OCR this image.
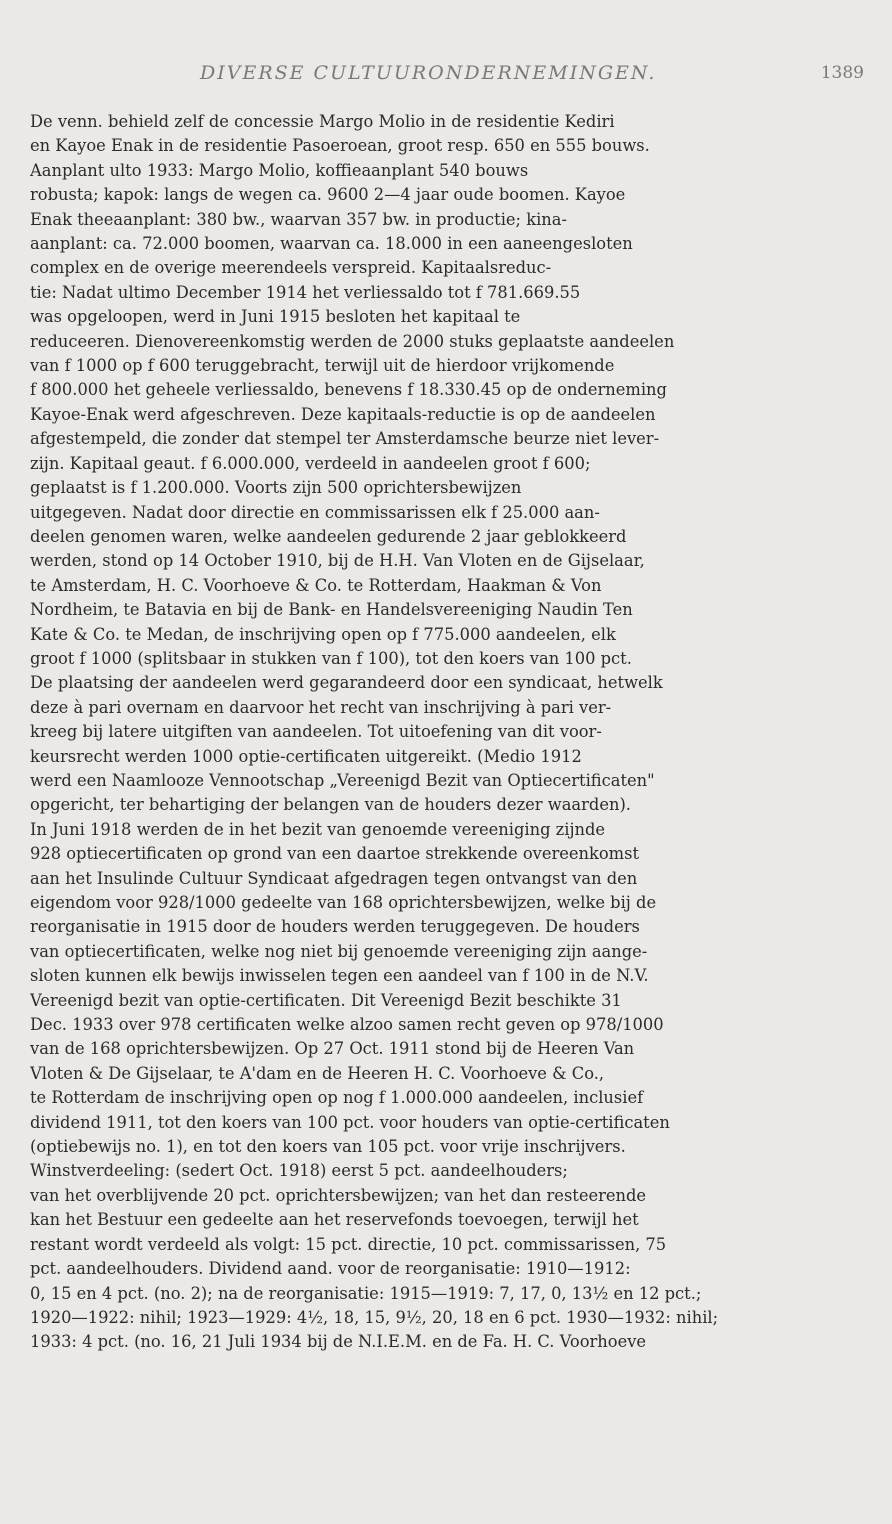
DIVERSE CULTUURONDERNEMINGEN.	1389
De venn. behield zelf de concessie Margo Molio in de residentie Kediri
en Kayoe Enak in de residentie Pasoeroean, groot resp. 650 en 555 bouws.
Aanplant ulto 1933: Margo Molio, koffieaanplant 540 bouws
robusta; kapok: langs de wegen ca. 9600 2—4 jaar oude boomen. Kayoe
Enak theeaanplant: 380 bw., waarvan 357 bw. in productie; kina-
aanplant: ca. 72.000 boomen, waarvan ca. 18.000 in een aaneengesloten
complex en de overige meerendeels verspreid. Kapitaalsreduc-
tie: Nadat ultimo December 1914 het verliessaldo tot f 781.669.55
was opgeloopen, werd in Juni 1915 besloten het kapitaal te
reduceeren. Dienovereenkomstig werden de 2000 stuks geplaatste aandeelen
van f 1000 op f 600 teruggebracht, terwijl uit de hierdoor vrijkomende
f 800.000 het geheele verliessaldo, benevens f 18.330.45 op de onderneming
Kayoe-Enak werd afgeschreven. Deze kapitaals-reductie is op de aandeelen
afgestempeld, die zonder dat stempel ter Amsterdamsche beurze niet lever-
zijn. Kapitaal geaut. f 6.000.000, verdeeld in aandeelen groot f 600;
geplaatst is f 1.200.000. Voorts zijn 500 oprichtersbewijzen
uitgegeven. Nadat door directie en commissarissen elk f 25.000 aan-
deelen genomen waren, welke aandeelen gedurende 2 jaar geblokkeerd
werden, stond op 14 October 1910, bij de H.H. Van Vloten en de Gijselaar,
te Amsterdam, H. C. Voorhoeve & Co. te Rotterdam, Haakman & Von
Nordheim, te Batavia en bij de Bank- en Handelsvereeniging Naudin Ten
Kate & Co. te Medan, de inschrijving open op f 775.000 aandeelen, elk
groot f 1000 (splitsbaar in stukken van f 100), tot den koers van 100 pct.
De plaatsing der aandeelen werd gegarandeerd door een syndicaat, hetwelk
deze à pari overnam en daarvoor het recht van inschrijving à pari ver-
kreeg bij latere uitgiften van aandeelen. Tot uitoefening van dit voor-
keursrecht werden 1000 optie-certificaten uitgereikt. (Medio 1912
werd een Naamlooze Vennootschap „Vereenigd Bezit van Optiecertificaten"
opgericht, ter behartiging der belangen van de houders dezer waarden).
In Juni 1918 werden de in het bezit van genoemde vereeniging zijnde
928 optiecertificaten op grond van een daartoe strekkende overeenkomst
aan het Insulinde Cultuur Syndicaat afgedragen tegen ontvangst van den
eigendom voor 928/1000 gedeelte van 168 oprichtersbewijzen, welke bij de
reorganisatie in 1915 door de houders werden teruggegeven. De houders
van optiecertificaten, welke nog niet bij genoemde vereeniging zijn aange-
sloten kunnen elk bewijs inwisselen tegen een aandeel van f 100 in de N.V.
Vereenigd bezit van optie-certificaten. Dit Vereenigd Bezit beschikte 31
Dec. 1933 over 978 certificaten welke alzoo samen recht geven op 978/1000
van de 168 oprichtersbewijzen. Op 27 Oct. 1911 stond bij de Heeren Van
Vloten & De Gijselaar, te A'dam en de Heeren H. C. Voorhoeve & Co.,
te Rotterdam de inschrijving open op nog f 1.000.000 aandeelen, inclusief
dividend 1911, tot den koers van 100 pct. voor houders van optie-certificaten
(optiebewijs no. 1), en tot den koers van 105 pct. voor vrije inschrijvers.
Winstverdeeling: (sedert Oct. 1918) eerst 5 pct. aandeelhouders;
van het overblijvende 20 pct. oprichtersbewijzen; van het dan resteerende
kan het Bestuur een gedeelte aan het reservefonds toevoegen, terwijl het
restant wordt verdeeld als volgt: 15 pct. directie, 10 pct. commissarissen, 75
pct. aandeelhouders. Dividend aand. voor de reorganisatie: 1910—1912:
0, 15 en 4 pct. (no. 2); na de reorganisatie: 1915—1919: 7, 17, 0, 13½ en 12 pct.;
1920—1922: nihil; 1923—1929: 4½, 18, 15, 9½, 20, 18 en 6 pct. 1930—1932: nihil;
1933: 4 pct. (no. 16, 21 Juli 1934 bij de N.I.E.M. en de Fa. H. C. Voorhoeve
